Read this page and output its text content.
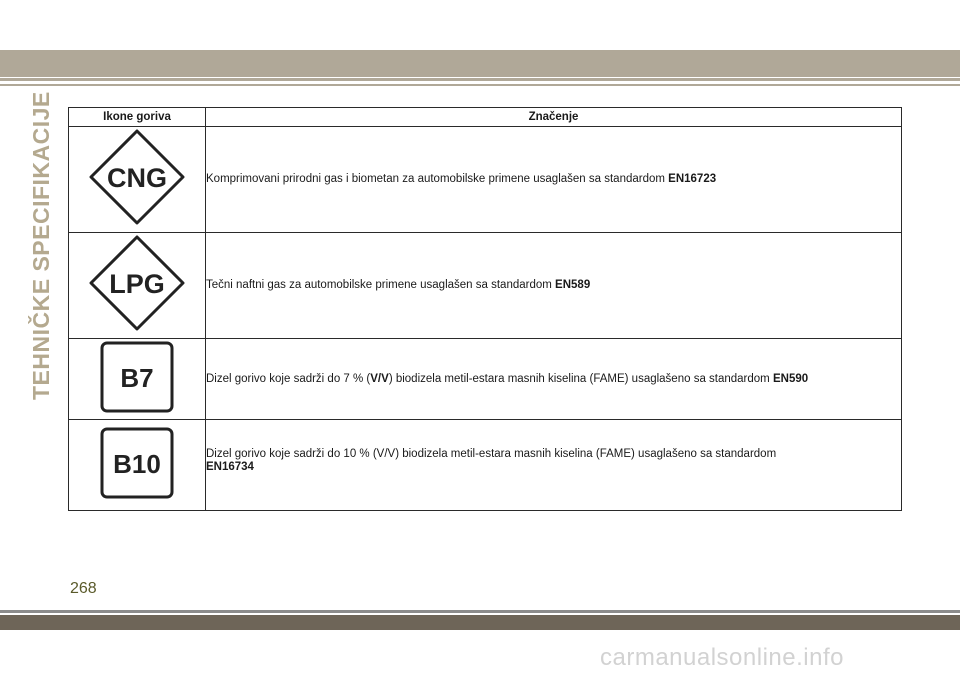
TEHNIČKE SPECIFIKACIJE	Ikone goriva	Značenje

CNG	Komprimovani prirodni gas i biometan za automobilske primene usaglašen sa standardom EN16723

LPG	Tečni naftni gas za automobilske primene usaglašen sa standardom EN589

B7	Dizel gorivo koje sadrži do 7 % (V/V) biodizela metil-estara masnih kiselina (FAME) usaglašeno sa standardom EN590

B10	Dizel gorivo koje sadrži do 10 % (V/V) biodizela metil-estara masnih kiselina (FAME) usaglašeno sa standardom
EN16734
268
carmanualsonline.info
